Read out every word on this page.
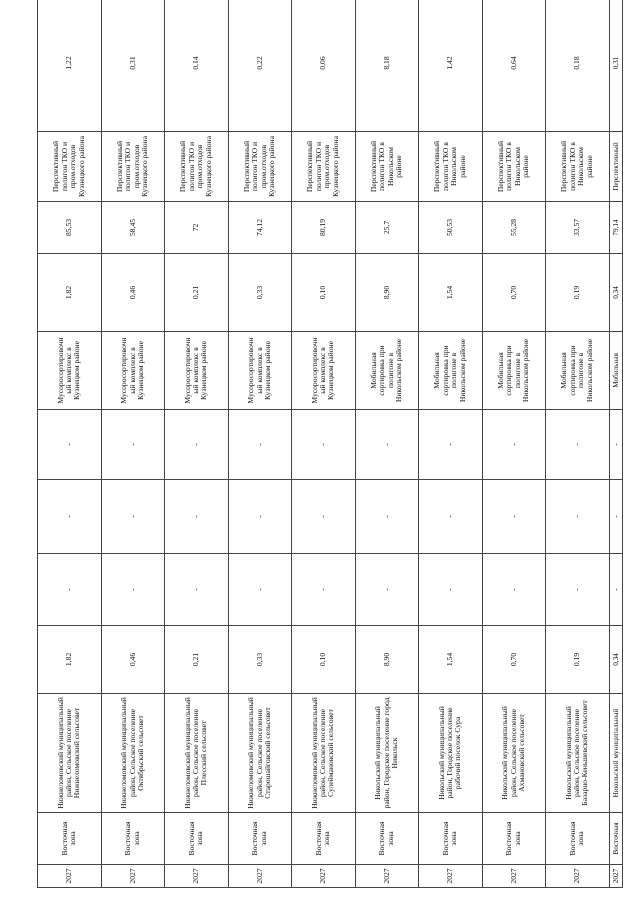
2027	Восточная зона	Нижнеломовский муниципальный район, Сельское поселение Нижнеломовский сельсовет	1,82	-	-	-	Мусоросортировочный комплекс в Кузнецком районе	1,82	85,53	Перспективный полигон ТКО и пром.отходов Кузнецкого района	1,22	
2027	Восточная зона	Нижнеломовский муниципальный район, Сельское поселение Октябрьский сельсовет	0,46	-	-	-	Мусоросортировочный комплекс в Кузнецком районе	0,46	58,45	Перспективный полигон ТКО и пром.отходов Кузнецкого района	0,31	
2027	Восточная зона	Нижнеломовский муниципальный район, Сельское поселение Плесский сельсовет	0,21	-	-	-	Мусоросортировочный комплекс в Кузнецком районе	0,21	72	Перспективный полигон ТКО и пром.отходов Кузнецкого района	0,14	
2027	Восточная зона	Нижнеломовский муниципальный район, Сельское поселение Старошайговский сельсовет	0,33	-	-	-	Мусоросортировочный комплекс в Кузнецком районе	0,33	74,12	Перспективный полигон ТКО и пром.отходов Кузнецкого района	0,22	
2027	Восточная зона	Нижнеломовский муниципальный район, Сельское поселение Сулеймановский сельсовет	0,10	-	-	-	Мусоросортировочный комплекс в Кузнецком районе	0,10	80,19	Перспективный полигон ТКО и пром.отходов Кузнецкого района	0,06	
2027	Восточная зона	Никольский муниципальный район, Городское поселение город Никольск	8,90	-	-	-	Мобильная сортировка при полигоне в Никольском районе	8,90	25,7	Перспективный полигон ТКО в Никольском районе	8,18	
2027	Восточная зона	Никольский муниципальный район, Городское поселение рабочий поселок Сура	1,54	-	-	-	Мобильная сортировка при полигоне в Никольском районе	1,54	50,53	Перспективный полигон ТКО в Никольском районе	1,42	
2027	Восточная зона	Никольский муниципальный район, Сельское поселение Ахмановский сельсовет	0,70	-	-	-	Мобильная сортировка при полигоне в Никольском районе	0,70	55,28	Перспективный полигон ТКО в Никольском районе	0,64	
2027	Восточная зона	Никольский муниципальный район, Сельское поселение Базарно-Кеньшевский сельсовет	0,19	-	-	-	Мобильная сортировка при полигоне в Никольском районе	0,19	33,57	Перспективный полигон ТКО в Никольском районе	0,18	
2027	Восточная	Никольский муниципальный	0,34	-	-	-	Мобильная	0,34	79,14	Перспективный	0,31	
